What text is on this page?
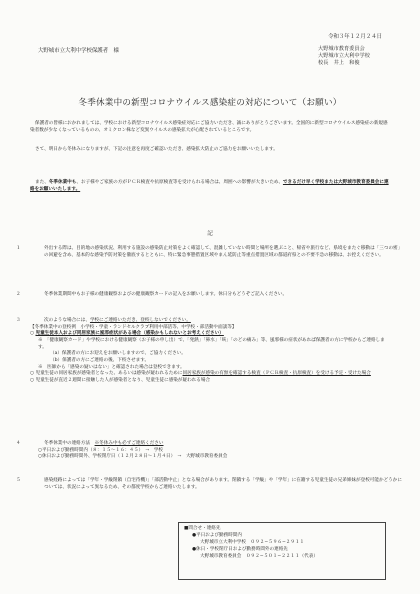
令和３年１２月２４日

大野城市立大利中学校保護者　様	大野城市教育委員会
大野城市立大利中学校
校長　井上　和俊

冬季休業中の新型コロナウイルス感染症の対応について（お願い）

保護者の皆様におかれましては、学校における新型コロナウイルス感染症対応にご協力いただき、誠にありがとうございます。全国的に新型コロナウイルス感染症の新規感染者数が少なくなっているものの、オミクロン株など変異ウイルスの感染拡大が心配されているところです。

さて、明日から冬休みになりますが、下記の注意を再度ご確認いただき、感染拡大防止のご協力をお願いいたします。

また、冬季休業中も、お子様やご家族の方がＰＣＲ検査や抗原検査等を受けられる場合は、周囲への影響が大きいため、できるだけ早く学校または大野城市教育委員会に連絡をお願いいたします。

記

１	外出する際は、目的地の感染状況、利用する施設の感染防止対策をよく確認して、混雑していない時間と場所を選ぶこと、帰省や旅行など、県境をまたぐ移動は「三つの密」の回避を含め、基本的な感染予防対策を徹底するとともに、特に緊急事態措置区域やまん延防止等重点措置区域の都道府県との不要不急の移動は、お控えください。

２	冬季休業期間中もお子様の健康観察およびの健康観察カードの記入をお願いします。休日分もどうぞご記入ください。

３	次のような場合には、学校にご連絡いただき、登校しないでください。
【冬季休業中の登校例　小学校・学童・ランドセルクラブ利用中部活等、中学校・部活動や面談等】
○ 児童生徒本人および同居家族に風邪症状がある場合（感染かもしれないとお考えください）
※　「健康観察カード」や学校における健康観察（お子様の申し出）で、「発熱」「鼻水」「咳」「のどの痛み」等、風邪様の症状があれば保護者の方に学校からご連絡します。
（a）保護者の方にお迎えをお願いしますので、ご協力ください。
（b）保護者の方にご連絡の後、下校させます。
※　医師から「感染の疑いはない」と確認された場合は登校できます。
○ 児童生徒の同居家族が感染者となった、あるいは感染が疑われるために同居家族が感染の有無を確認する検査（ＰＣＲ検査・抗原検査）を受ける予定・受けた場合
○ 児童生徒が直近２週間に接触した人が感染者となり、児童生徒に感染が疑われる場合
４	冬季休業中の連絡方法　 ※冬休み中も必ずご連絡ください
○平日および勤務時間内（８：１５〜１６：４５）　→　学校
○休日および勤務時間外、学校閉庁日（１２月２８日〜１月４日）　→　大野城市教育委員会

５	感染経路によっては「学年・学級閉鎖（自宅待機）」「部活動中止」となる場合があります。閉鎖する「学級」や「学年」に在籍する児童生徒の兄弟姉妹が登校可能かどうかについては、状況によって異なるため、その都度学校からご連絡いたします。

■問合せ・連絡先
●平日および勤務時間内
大野城市立大利中学校　０９２−５９６−２９１１
●休日・学校閉庁日および勤務時間外の連絡先
大野城市教育委員会　０９２−５０１−２２１１（代表）
